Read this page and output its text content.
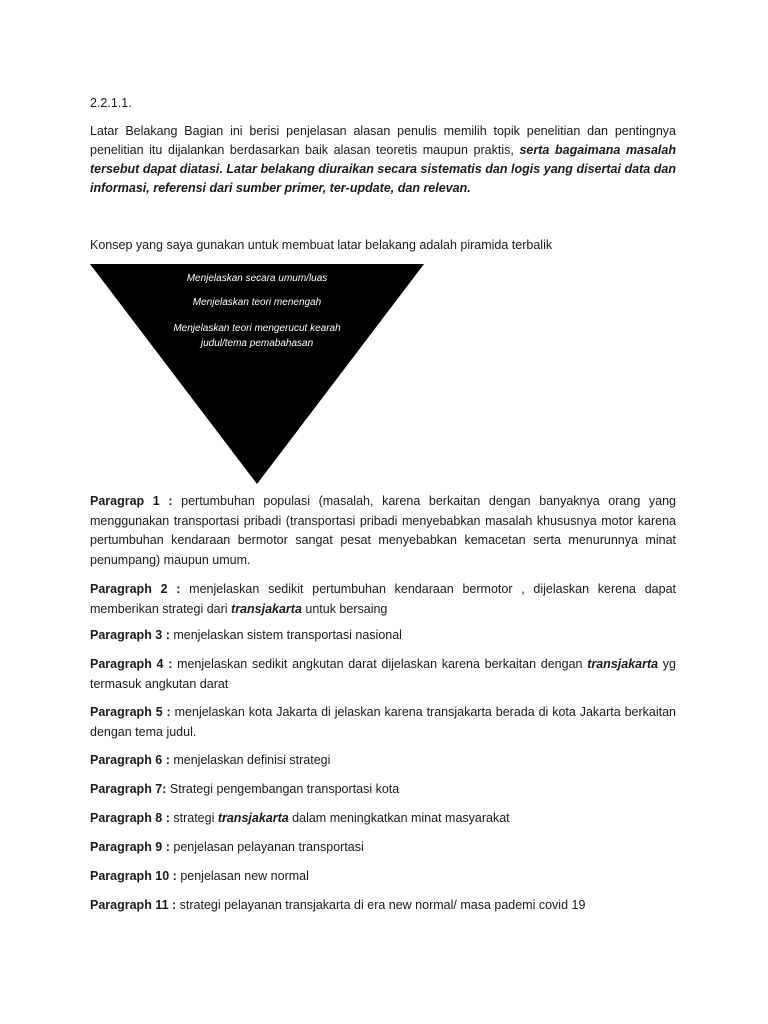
2.2.1.1.

Latar Belakang Bagian ini berisi penjelasan alasan penulis memilih topik penelitian dan pentingnya penelitian itu dijalankan berdasarkan baik alasan teoretis maupun praktis, serta bagaimana masalah tersebut dapat diatasi. Latar belakang diuraikan secara sistematis dan logis yang disertai data dan informasi, referensi dari sumber primer, ter-update, dan relevan.

Konsep yang saya gunakan untuk membuat latar belakang adalah piramida terbalik
Menjelaskan secara umum/luas
Menjelaskan teori menengah
Menjelaskan teori mengerucut kearah judul/tema pemabahasan

Paragrap 1 : pertumbuhan populasi (masalah, karena berkaitan dengan banyaknya orang yang menggunakan transportasi pribadi (transportasi pribadi menyebabkan masalah khususnya motor karena pertumbuhan kendaraan bermotor sangat pesat menyebabkan kemacetan serta menurunnya minat penumpang) maupun umum.

Paragraph 2 : menjelaskan sedikit pertumbuhan kendaraan bermotor , dijelaskan kerena dapat memberikan strategi dari transjakarta untuk bersaing

Paragraph 3 : menjelaskan sistem transportasi nasional

Paragraph 4 : menjelaskan sedikit angkutan darat dijelaskan karena berkaitan dengan transjakarta yg termasuk angkutan darat

Paragraph 5 : menjelaskan kota Jakarta di jelaskan karena transjakarta berada di kota Jakarta berkaitan dengan tema judul.

Paragraph 6 : menjelaskan definisi strategi

Paragraph 7: Strategi pengembangan transportasi kota

Paragraph 8 : strategi transjakarta dalam meningkatkan minat masyarakat

Paragraph 9 : penjelasan pelayanan transportasi

Paragraph 10 : penjelasan new normal

Paragraph 11 : strategi pelayanan transjakarta di era new normal/ masa pademi covid 19
